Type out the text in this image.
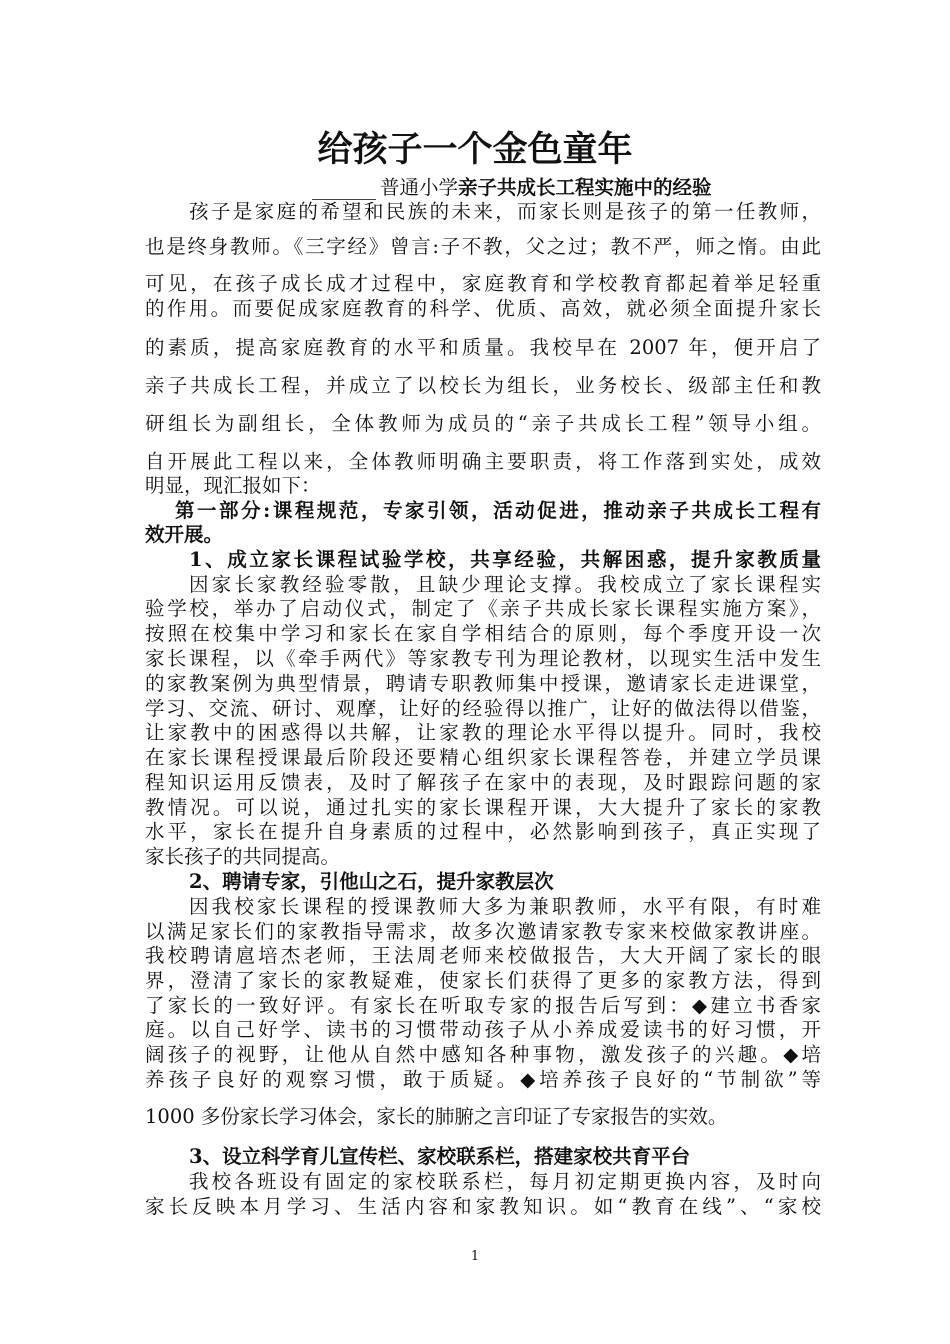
给孩子一个金色童年
普通小学亲子共成长工程实施中的经验

孩子是家庭的希望和民族的未来，而家长则是孩子的第一任教师，

也是终身教师。《三字经》曾言:子不教，父之过；教不严，师之惰。由此

可见，在孩子成长成才过程中，家庭教育和学校教育都起着举足轻重

的作用。而要促成家庭教育的科学、优质、高效，就必须全面提升家长

的素质，提高家庭教育的水平和质量。我校早在 2007 年，便开启了

亲子共成长工程，并成立了以校长为组长，业务校长、级部主任和教

研组长为副组长，全体教师为成员的“亲子共成长工程”领导小组。

自开展此工程以来，全体教师明确主要职责，将工作落到实处，成效

明显，现汇报如下：

第一部分:课程规范，专家引领，活动促进，推动亲子共成长工程有

效开展。

1、成立家长课程试验学校，共享经验，共解困惑，提升家教质量

因家长家教经验零散，且缺少理论支撑。我校成立了家长课程实

验学校，举办了启动仪式，制定了《亲子共成长家长课程实施方案》，

按照在校集中学习和家长在家自学相结合的原则，每个季度开设一次

家长课程，以《牵手两代》等家教专刊为理论教材，以现实生活中发生

的家教案例为典型情景，聘请专职教师集中授课，邀请家长走进课堂，

学习、交流、研讨、观摩，让好的经验得以推广，让好的做法得以借鉴，

让家教中的困惑得以共解，让家教的理论水平得以提升。同时，我校

在家长课程授课最后阶段还要精心组织家长课程答卷，并建立学员课

程知识运用反馈表，及时了解孩子在家中的表现，及时跟踪问题的家

教情况。可以说，通过扎实的家长课程开课，大大提升了家长的家教

水平，家长在提升自身素质的过程中，必然影响到孩子，真正实现了

家长孩子的共同提高。

2、聘请专家，引他山之石，提升家教层次

因我校家长课程的授课教师大多为兼职教师，水平有限，有时难

以满足家长们的家教指导需求，故多次邀请家教专家来校做家教讲座。

我校聘请扈培杰老师，王法周老师来校做报告，大大开阔了家长的眼

界，澄清了家长的家教疑难，使家长们获得了更多的家教方法，得到

了家长的一致好评。有家长在听取专家的报告后写到：◆建立书香家

庭。以自己好学、读书的习惯带动孩子从小养成爱读书的好习惯，开

阔孩子的视野，让他从自然中感知各种事物，激发孩子的兴趣。◆培

养孩子良好的观察习惯，敢于质疑。◆培养孩子良好的“节制欲”等

1000 多份家长学习体会，家长的肺腑之言印证了专家报告的实效。

3、设立科学育儿宣传栏、家校联系栏，搭建家校共育平台

我校各班设有固定的家校联系栏，每月初定期更换内容，及时向

家长反映本月学习、生活内容和家教知识。如“教育在线”、“家校

1
